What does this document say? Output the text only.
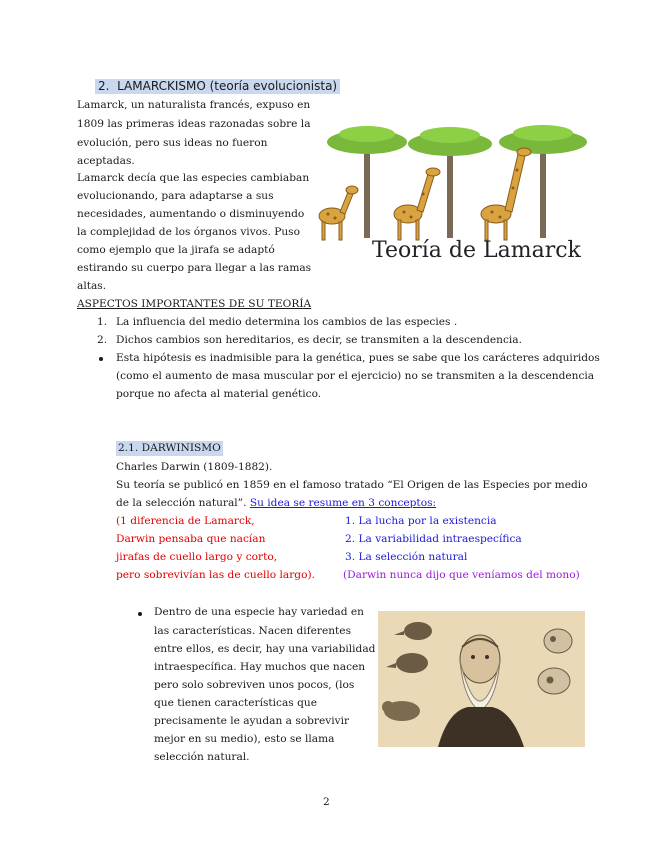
2. LAMARCKISMO (teoría evolucionista)
Lamarck, un naturalista francés, expuso en
1809 las primeras ideas razonadas sobre la
evolución, pero sus ideas no fueron
aceptadas.
Lamarck decía que las especies cambiaban
evolucionando, para adaptarse a sus
necesidades, aumentando o disminuyendo
la complejidad de los órganos vivos. Puso
como ejemplo que la jirafa se adaptó
estirando su cuerpo para llegar a las ramas
altas.
Teoría de Lamarck
ASPECTOS IMPORTANTES DE SU TEORÍA
1. La influencia del medio determina los cambios de las especies .
2. Dichos cambios son hereditarios, es decir, se transmiten a la descendencia.
Esta hipótesis es inadmisible para la genética, pues se sabe que los carácteres adquiridos
(como el aumento de masa muscular por el ejercicio) no se transmiten a la descendencia
porque no afecta al material genético.
2.1. DARWINISMO
Charles Darwin (1809-1882).
Su teoría se publicó en 1859 en el famoso tratado “El Origen de las Especies por medio
de la selección natural”. Su idea se resume en 3 conceptos:
(1 diferencia de Lamarck,
Darwin pensaba que nacían
jirafas de cuello largo y corto,
pero sobrevivían las de cuello largo).
1. La lucha por la existencia
2. La variabilidad intraespecífica
3. La selección natural
(Darwin nunca dijo que veníamos del mono)
Dentro de una especie hay variedad en
las características. Nacen diferentes
entre ellos, es decir, hay una variabilidad
intraespecífica. Hay muchos que nacen
pero solo sobreviven unos pocos, (los
que tienen características que
precisamente le ayudan a sobrevivir
mejor en su medio), esto se llama
selección natural.
2
